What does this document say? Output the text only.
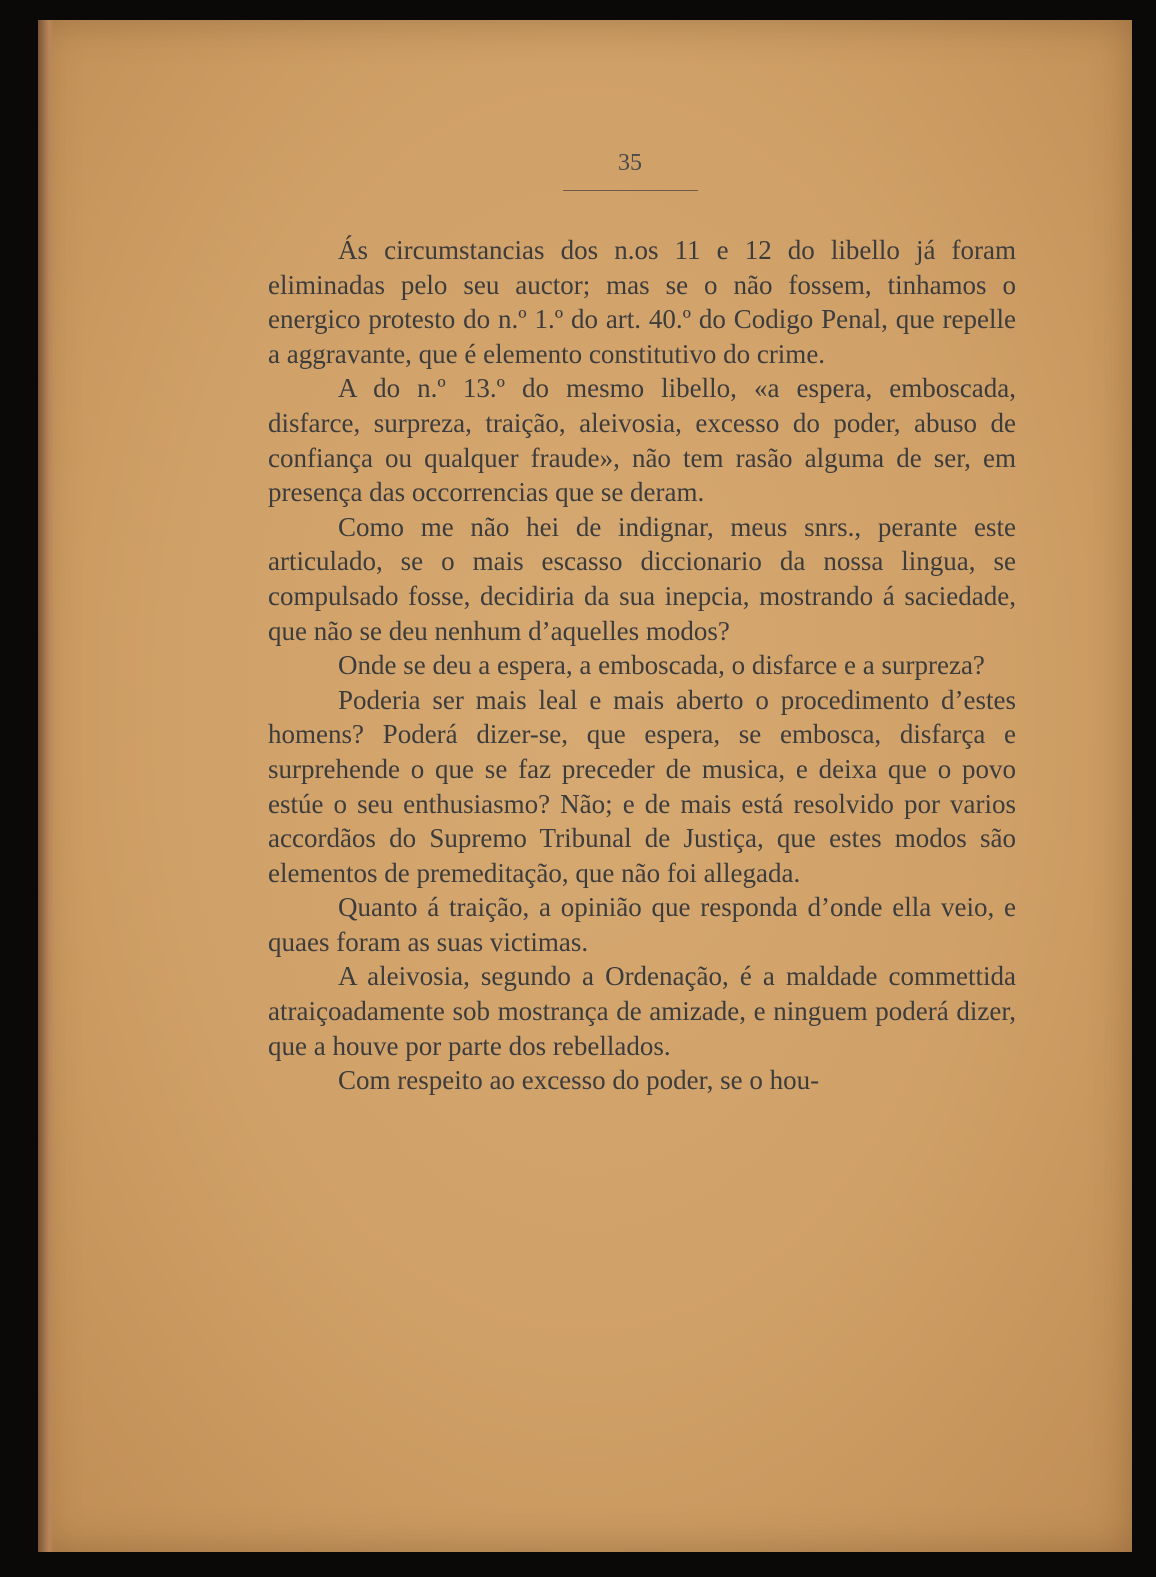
35

Ás circumstancias dos n.os 11 e 12 do libello já foram eliminadas pelo seu auctor; mas se o não fossem, tinhamos o energico protesto do n.º 1.º do art. 40.º do Codigo Penal, que repelle a aggravante, que é elemento constitutivo do crime.

A do n.º 13.º do mesmo libello, «a espera, emboscada, disfarce, surpreza, traição, aleivosia, excesso do poder, abuso de confiança ou qualquer fraude», não tem rasão alguma de ser, em presença das occorrencias que se deram.

Como me não hei de indignar, meus snrs., perante este articulado, se o mais escasso diccionario da nossa lingua, se compulsado fosse, decidiria da sua inepcia, mostrando á saciedade, que não se deu nenhum d’aquelles modos?

Onde se deu a espera, a emboscada, o disfarce e a surpreza?

Poderia ser mais leal e mais aberto o procedimento d’estes homens? Poderá dizer-se, que espera, se embosca, disfarça e surprehende o que se faz preceder de musica, e deixa que o povo estúe o seu enthusiasmo? Não; e de mais está resolvido por varios accordãos do Supremo Tribunal de Justiça, que estes modos são elementos de premeditação, que não foi allegada.

Quanto á traição, a opinião que responda d’onde ella veio, e quaes foram as suas victimas.

A aleivosia, segundo a Ordenação, é a maldade commettida atraiçoadamente sob mostrança de amizade, e ninguem poderá dizer, que a houve por parte dos rebellados.

Com respeito ao excesso do poder, se o hou-
